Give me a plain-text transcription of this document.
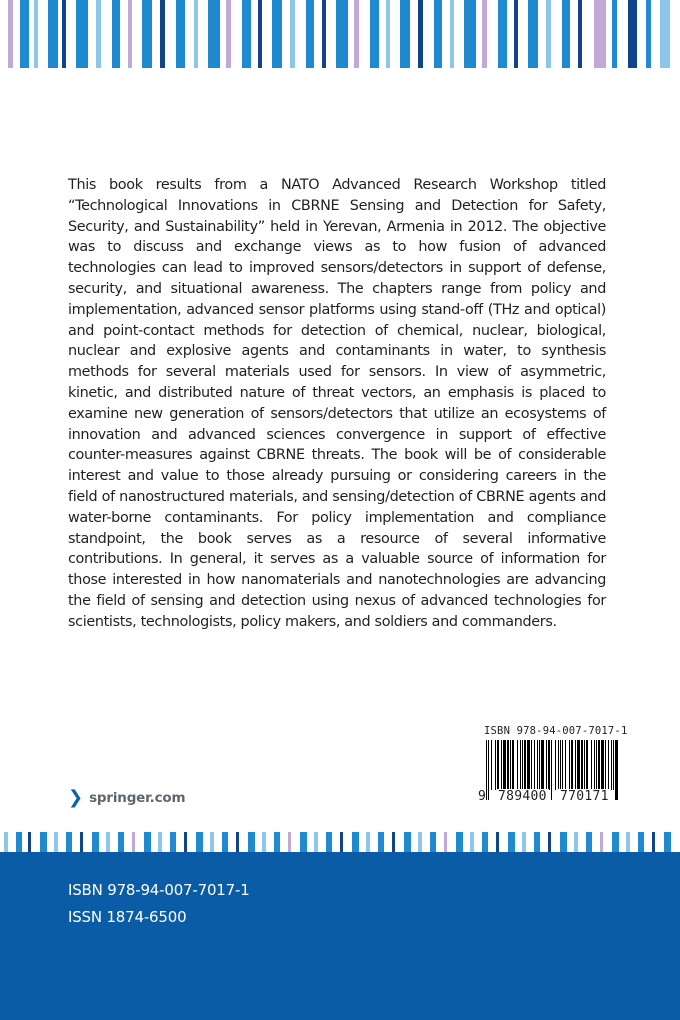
This book results from a NATO Advanced Research Workshop titled “Technological Innovations in CBRNE Sensing and Detection for Safety, Security, and Sustainability” held in Yerevan, Armenia in 2012. The objective was to discuss and exchange views as to how fusion of advanced technologies can lead to improved sensors/detectors in support of defense, security, and situational awareness. The chapters range from policy and implementation, advanced sensor platforms using stand-off (THz and optical) and point-contact methods for detection of chemical, nuclear, biological, nuclear and explosive agents and contaminants in water, to synthesis methods for several materials used for sensors. In view of asymmetric, kinetic, and distributed nature of threat vectors, an emphasis is placed to examine new generation of sensors/detectors that utilize an ecosystems of innovation and advanced sciences convergence in support of effective counter-measures against CBRNE threats. The book will be of considerable interest and value to those already pursuing or considering careers in the field of nanostructured materials, and sensing/detection of CBRNE agents and water-borne contaminants. For policy implementation and compliance standpoint, the book serves as a resource of several informative contributions. In general, it serves as a valuable source of information for those interested in how nanomaterials and nanotechnologies are advancing the field of sensing and detection using nexus of advanced technologies for scientists, technologists, policy makers, and soldiers and commanders.

ISBN 978-94-007-7017-1
9 789400 770171
❯ springer.com
ISBN 978-94-007-7017-1
ISSN 1874-6500
